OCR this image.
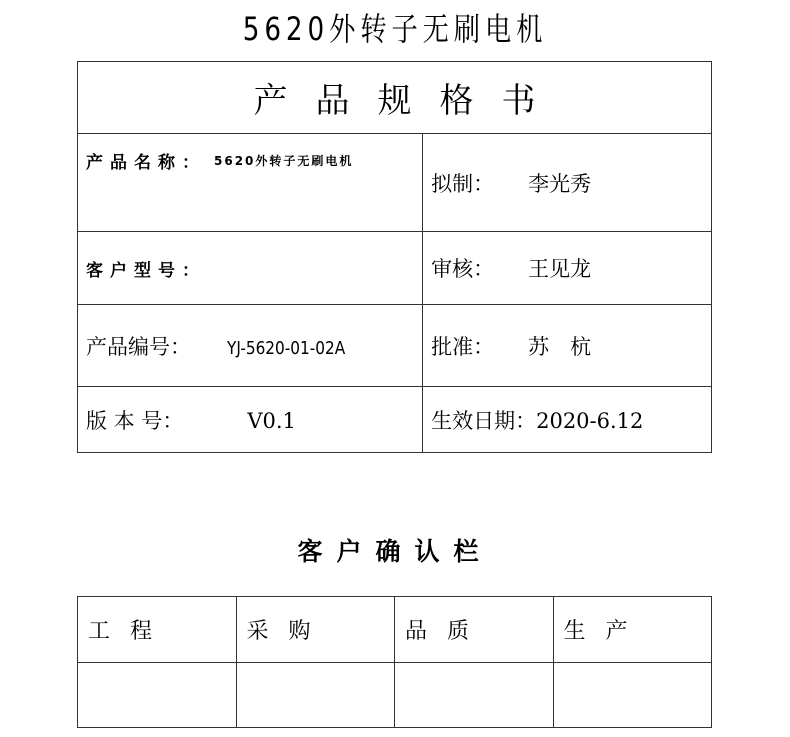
5620外转子无刷电机
产品规格书	

产品名称： 5620外转子无刷电机	拟制： 李光秀
客户型号：	审核： 王见龙
产品编号： YJ-5620-01-02A	批准： 苏　杭
版 本 号： V0.1	生效日期：2020-6.12
客户确认栏
工程	采购	品质	生产
